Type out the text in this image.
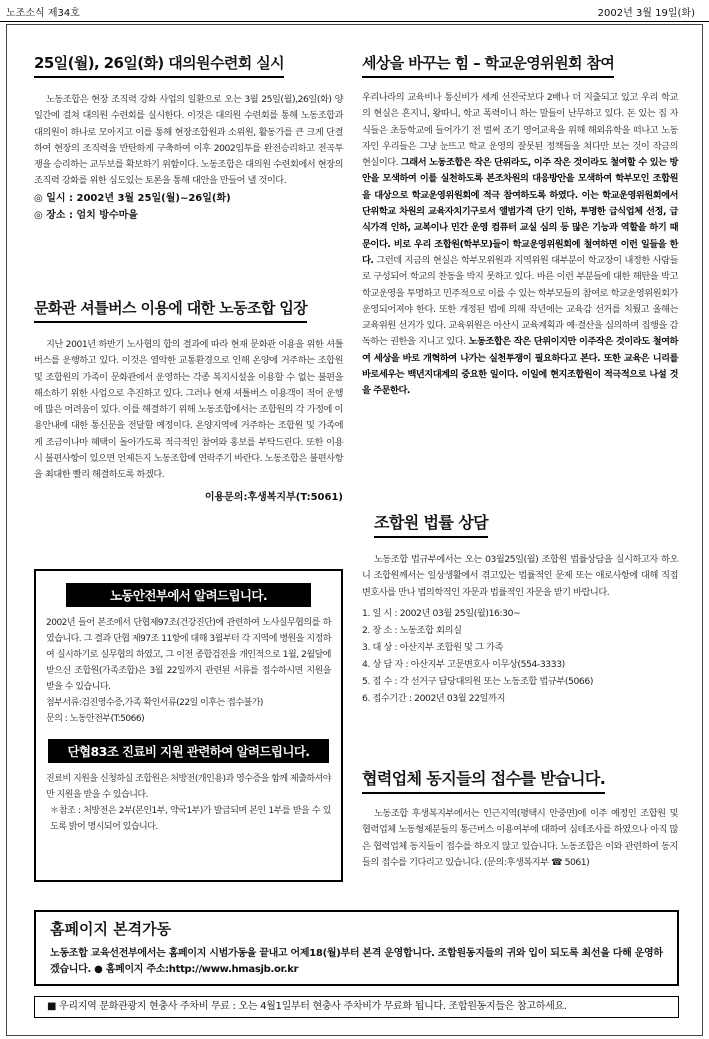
노조소식 제34호	2002년 3월 19일(화)
25일(월), 26일(화) 대의원수련회 실시

노동조합은 현장 조직력 강화 사업의 일환으로 오는 3월 25일(월),26일(화) 양일간에 걸쳐 대의원 수련회를 실시한다. 이것은 대의원 수련회를 통해 노동조합과 대의원이 하나로 모아지고 이를 통해 현장조합원과 소위원, 활동가를 큰 크게 단결하여 현장의 조직력을 반탄하게 구축하여 이후 2002임투를 완전승리하고 전곡투쟁을 승리하는 교두보를 확보하기 위함이다. 노동조합은 대의원 수련회에서 현장의 조직력 강화를 위한 심도있는 토론을 통해 대안을 만들어 낼 것이다.

◎ 일시 : 2002년 3월 25일(월)~26일(화)
◎ 장소 : 엄치 방수마을
문화관 셔틀버스 이용에 대한 노동조합 입장

지난 2001년 하반기 노사협의 합의 결과에 따라 현재 문화관 이용을 위한 셔틀버스를 운행하고 있다. 이것은 열악한 교통환경으로 인해 온양에 거주하는 조합원 및 조합원의 가족이 문화관에서 운영하는 각종 복지시설을 이용할 수 없는 불편을 해소하기 위한 사업으로 추진하고 있다. 그러나 현재 셔틀버스 이용객이 적어 운행에 많은 어려움이 있다. 이를 해결하기 위해 노동조합에서는 조합원의 각 가정에 이용안내에 대한 통신문을 전달할 예정이다. 온양지역에 거주하는 조합원 및 가족에게 조금이나마 혜택이 돌아가도록 적극적인 참여와 홍보를 부탁드린다. 또한 이용 시 불편사항이 있으면 언제든지 노동조합에 연락주기 바란다. 노동조합은 불편사항을 최대한 빨리 해결하도록 하겠다.

이용문의:후생복지부(T:5061)
노동안전부에서 알려드립니다.
2002년 들어 본조에서 단협제97조(건강진단)에 관련하여 노사실무협의를 하였습니다. 그 결과 단협 제97조 11항에 대해 3월부터 각 지역에 병원을 지정하여 실시하기로 실무협의 하였고, 그 이전 종합검진을 개인적으로 1월, 2월달에 받으신 조합원(가족조합)은 3월 22일까지 관련된 서류를 접수하시면 지원을 받을 수 있습니다.
첨부서류:검진영수증,가족 확인서류(22일 이후는 접수불가)
문의 : 노동안전부(T:5066)
단협83조 진료비 지원 관련하여 알려드립니다.
진료비 지원을 신청하실 조합원은 처방전(개인용)과 영수증을 함께 제출하셔야만 지원을 받을 수 있습니다.
＊참조 : 처방전은 2부(본인1부, 약국1부)가 발급되며 본인 1부를 받을 수 있도록 밝어 명시되어 있습니다.
세상을 바꾸는 힘 – 학교운영위원회 참여
우리나라의 교육비나 통신비가 세계 선진국보다 2배나 더 지출되고 있고 우리 학교의 현실은 흔지니, 왕따니, 학교 폭력이니 하는 말들이 난무하고 있다. 돈 있는 집 자식들은 초등학교에 들어가기 전 벌써 조기 영어교육을 위해 해외유학을 떠나고 노동자인 우리들은 그냥 눈뜨고 학교 운영의 잘못된 정책들을 쳐다만 보는 것이 작금의 현실이다. 그래서 노동조합은 작은 단위라도, 이주 작은 것이라도 철여할 수 있는 방안을 모색하여 이를 실천하도록 본조차원의 대응방안을 모색하여 학부모인 조합원을 대상으로 학교운영위원회에 적극 참여하도록 하였다. 이는 학교운영위원회에서 단위학교 차원의 교육자치기구로서 앨범가격 단기 인하, 투명한 급식업체 선정, 급식가격 인하, 교복이나 민간 운영 컴퓨터 교실 심의 등 많은 기능과 역할을 하기 때문이다. 비로 우리 조합원(학부모)들이 학교운영위원회에 철여하면 이런 일들을 한다. 그런데 지금의 현실은 학부모위원과 지역위원 대부분이 학교장이 내정한 사람들로 구성되어 학교의 찬동을 박지 못하고 있다. 바른 이런 부분들에 대한 해탄을 박고 학교운영을 투명하고 민주적으로 이를 수 있는 학부모들의 참여로 학교운영위원회가 운영되어져야 한다. 또한 개정된 법에 의해 작년에는 교육감 선거를 치뤘고 올해는 교육위원 선거가 있다. 교육위원은 아산시 교육계획과 예·결산을 심의하며 집행을 감독하는 권한을 지니고 있다. 노동조합은 작은 단위이지만 이주작은 것이라도 철여하여 세상을 바로 개혁하여 나가는 실천투쟁이 필요하다고 본다. 또한 교육은 니리를 바로세우는 백년지대계의 중요한 일이다. 이일에 현지조합원이 적극적으로 나설 것을 주문한다.
조합원 법률 상담

노동조합 법규부에서는 오는 03월25일(월) 조합원 법률상담을 실시하고자 하오니 조합원께서는 일상생활에서 겪고있는 법률적인 문제 또는 애로사항에 대해 직접 변호사를 만나 법의학적인 자문과 법률적인 자문을 받기 바랍니다.

1. 일 시 : 2002년 03월 25일(월)16:30~
2. 장 소 : 노동조합 회의실
3. 대 상 : 아산지부 조합원 및 그 가족
4. 상 담 자 : 아산지부 고문변호사 이무상(554-3333)
5. 접 수 : 각 선거구 담당대의원 또는 노동조합 법규부(5066)
6. 접수기간 : 2002년 03월 22일까지
협력업체 동지들의 접수를 받습니다.

노동조합 후생복지부에서는 인근지역(평택시 안중면)에 이주 예정인 조합원 및 협력업체 노동형제분들의 통근버스 이용여부에 대하여 심테조사를 하였으나 아직 많은 협력업체 동지들이 접수를 하오지 않고 있습니다. 노동조합은 이와 관련하여 동지들의 접수를 기다리고 있습니다. (문의:후생복지부 ☎ 5061)

홈페이지 본격가동
노동조합 교육선전부에서는 홈페이지 시범가동을 끝내고 어제18(월)부터 본격 운영합니다. 조합원동지들의 귀와 입이 되도록 최선을 다해 운영하겠습니다. ● 홈페이지 주소:http://www.hmasjb.or.kr
■ 우리지역 문화관광지 현충사 주차비 무료 : 오는 4월1일부터 현충사 주차비가 무료화 됩니다. 조합원동지들은 참고하세요.
